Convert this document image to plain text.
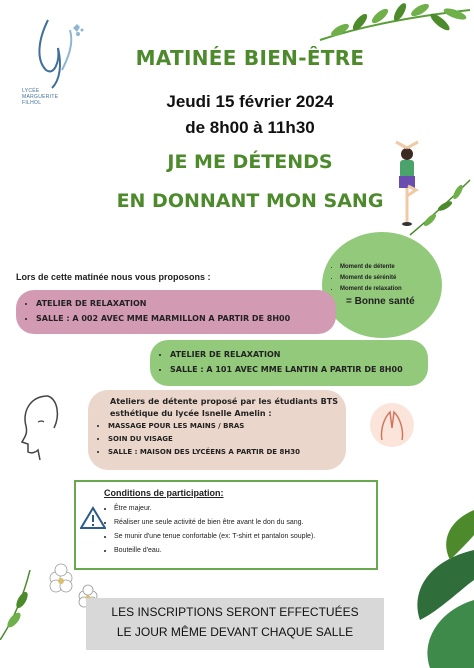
LYCÉE
MARGUERITE
FILHOL
MATINÉE BIEN-ÊTRE
Jeudi 15 février 2024
de 8h00 à 11h30
JE ME DÉTENDS
EN DONNANT MON SANG
Lors de cette matinée nous vous proposons :
• Moment de détente
• Moment de sérénité
• Moment de relaxation
= Bonne santé
• ATELIER DE RELAXATION
• SALLE : A 002 AVEC MME MARMILLON A PARTIR DE 8H00
• ATELIER DE RELAXATION
• SALLE : A 101 AVEC MME LANTIN A PARTIR DE 8H00
Ateliers de détente proposé par les étudiants BTS esthétique du lycée Isnelle Amelin :
• MASSAGE POUR LES MAINS / BRAS
• SOIN DU VISAGE
• SALLE : MAISON DES LYCÉENS A PARTIR DE 8H30
Conditions de participation:
• Être majeur.
• Réaliser une seule activité de bien être avant le don du sang.
• Se munir d'une tenue confortable (ex: T-shirt et pantalon souple).
• Bouteille d'eau.
LES INSCRIPTIONS SERONT EFFECTUÉES
LE JOUR MÊME DEVANT CHAQUE SALLE
